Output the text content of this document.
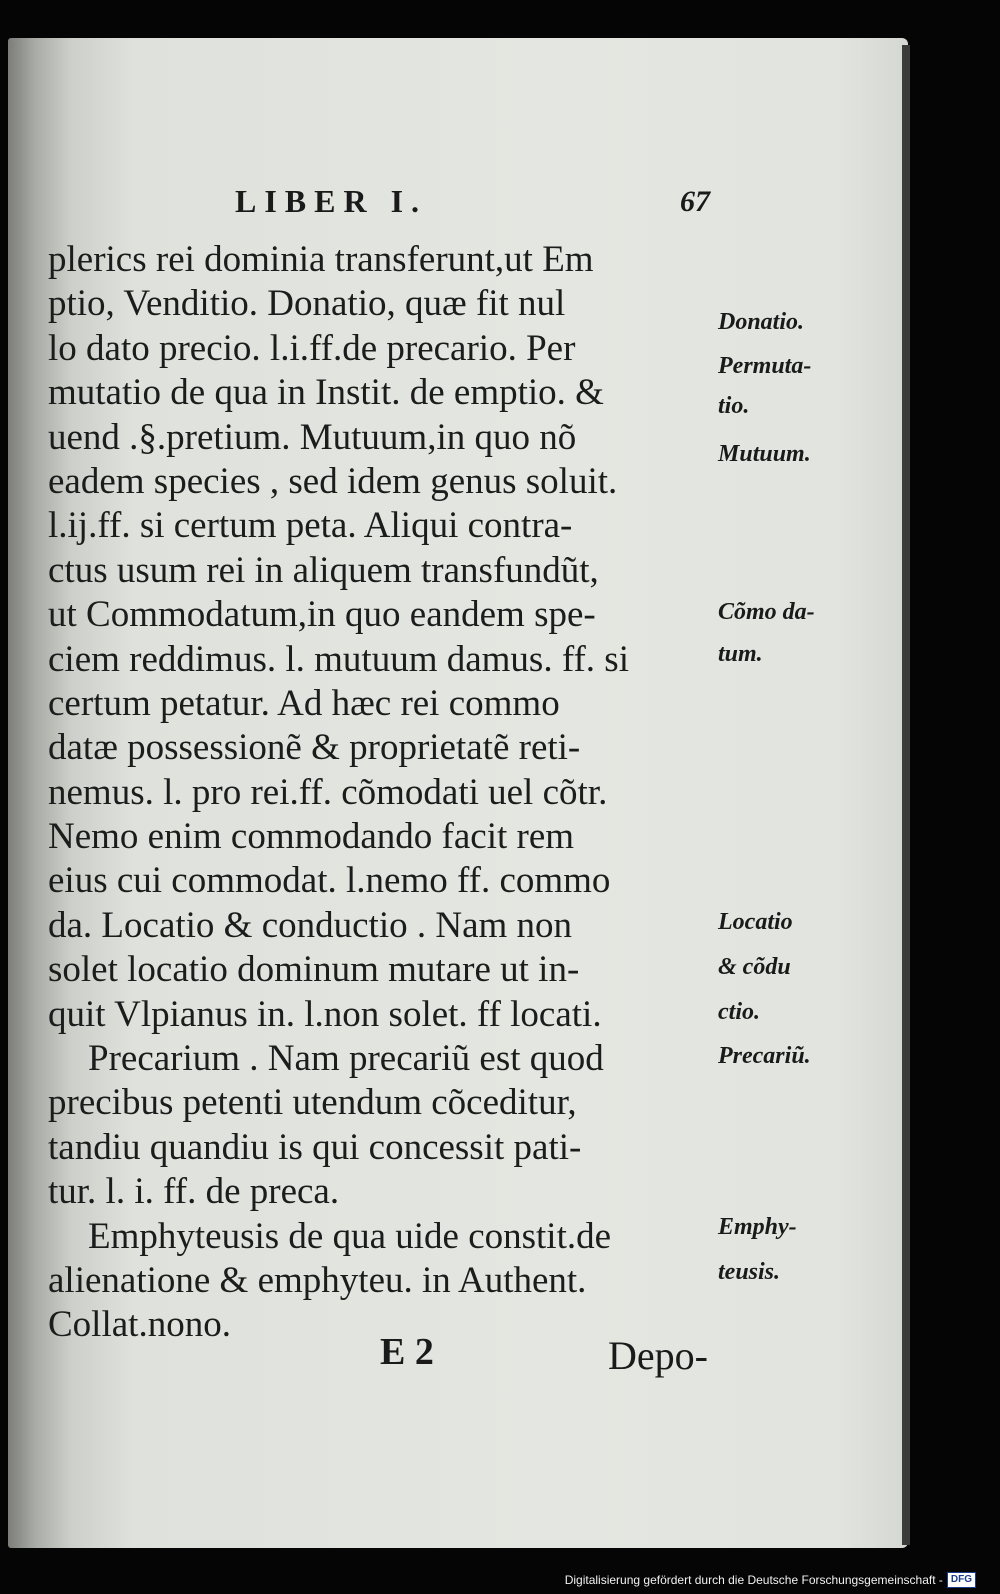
LIBER I.	67
plerics rei dominia transferunt,ut Em
ptio, Venditio. Donatio, quæ fit nul
lo dato precio. l.i.ff.de precario. Per
mutatio de qua in Instit. de emptio. &
uend .§.pretium. Mutuum,in quo nõ
eadem species , sed idem genus soluit.
l.ij.ff. si certum peta. Aliqui contra-
ctus usum rei in aliquem transfundũt,
ut Commodatum,in quo eandem spe-
ciem reddimus. l. mutuum damus. ff. si
certum petatur. Ad hæc rei commo
datæ possessionẽ & proprietatẽ reti-
nemus. l. pro rei.ff. cõmodati uel cõtr.
Nemo enim commodando facit rem
eius cui commodat. l.nemo ff. commo
da. Locatio & conductio . Nam non
solet locatio dominum mutare ut in-
quit Vlpianus in. l.non solet. ff locati.
Precarium . Nam precariũ est quod
precibus petenti utendum cõceditur,
tandiu quandiu is qui concessit pati-
tur. l. i. ff. de preca.
Emphyteusis de qua uide constit.de
alienatione & emphyteu. in Authent.
Collat.nono.
Donatio.
Permuta-
tio.
Mutuum.
Cõmo da-
tum.
Locatio
& cõdu
ctio.
Precariũ.
Emphy-
teusis.
E 2	Depo-
Digitalisierung gefördert durch die Deutsche Forschungsgemeinschaft - DFG
